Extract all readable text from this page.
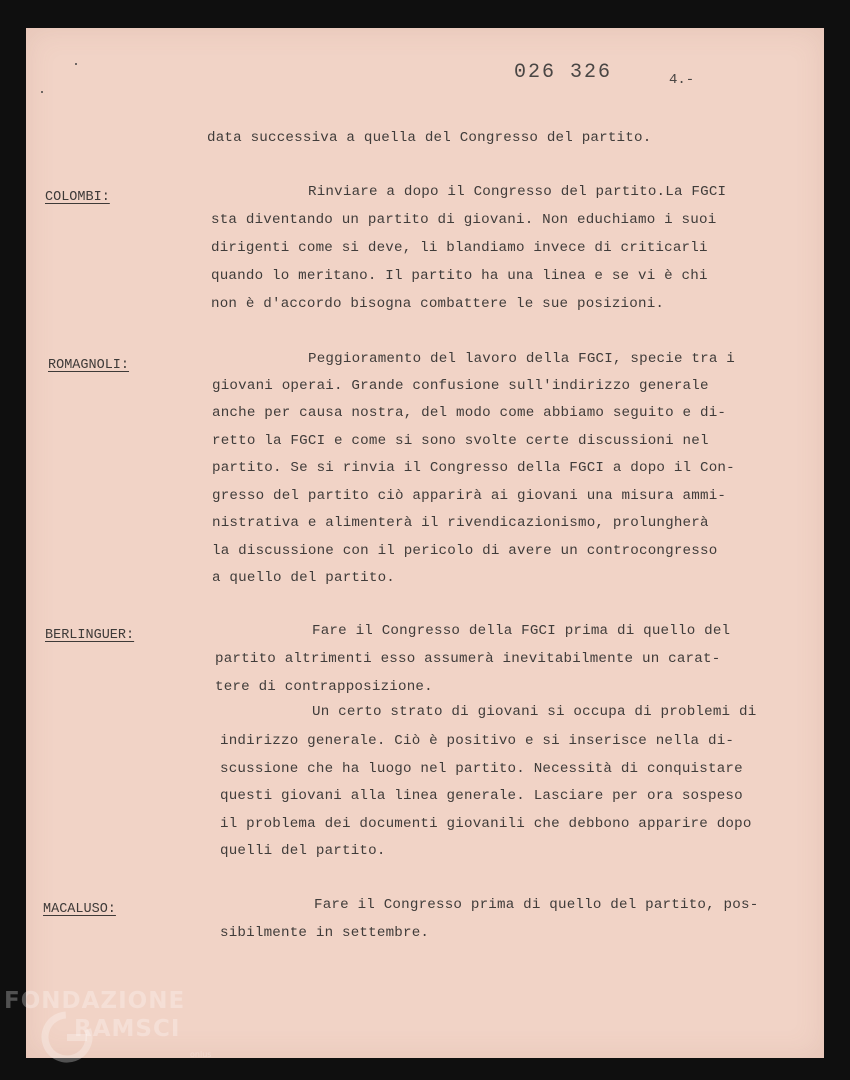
026 326	4.-
data successiva a quella del Congresso del partito.
COLOMBI:	Rinviare a dopo il Congresso del partito.La FGCI
sta diventando un partito di giovani. Non educhiamo i suoi
dirigenti come si deve, li blandiamo invece di criticarli
quando lo meritano. Il partito ha una linea e se vi è chi
non è d'accordo bisogna combattere le sue posizioni.
ROMAGNOLI:	Peggioramento del lavoro della FGCI, specie tra i
giovani operai. Grande confusione sull'indirizzo generale
anche per causa nostra, del modo come abbiamo seguito e di-
retto la FGCI e come si sono svolte certe discussioni nel
partito. Se si rinvia il Congresso della FGCI a dopo il Con-
gresso del partito ciò apparirà ai giovani una misura ammi-
nistrativa e alimenterà il rivendicazionismo, prolungherà
la discussione con il pericolo di avere un controcongresso
a quello del partito.
BERLINGUER:	Fare il Congresso della FGCI prima di quello del
partito altrimenti esso assumerà inevitabilmente un carat-
tere di contrapposizione.
Un certo strato di giovani si occupa di problemi di
indirizzo generale. Ciò è positivo e si inserisce nella di-
scussione che ha luogo nel partito. Necessità di conquistare
questi giovani alla linea generale. Lasciare per ora sospeso
il problema dei documenti giovanili che debbono apparire dopo
quelli del partito.
MACALUSO:	Fare il Congresso prima di quello del partito, pos-
sibilmente in settembre.
FONDAZIONE
RAMSCI
onlus
